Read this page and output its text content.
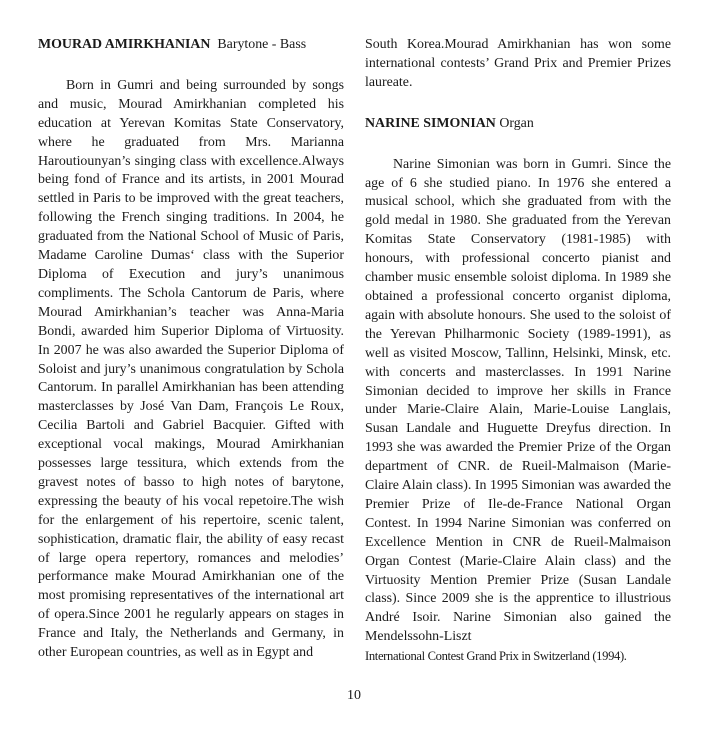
MOURAD AMIRKHANIAN Barytone - Bass

Born in Gumri and being surrounded by songs and music, Mourad Amirkhanian completed his education at Yerevan Komitas State Conservatory, where he graduated from Mrs. Marianna Haroutiounyan’s singing class with excellence.Always being fond of France and its artists, in 2001 Mourad settled in Paris to be improved with the great teachers, following the French singing traditions. In 2004, he graduated from the National School of Music of Paris, Madame Caroline Dumas‘ class with the Superior Diploma of Execution and jury’s unanimous compliments. The Schola Cantorum de Paris, where Mourad Amirkhanian’s teacher was Anna-Maria Bondi, awarded him Superior Diploma of Virtuosity. In 2007 he was also awarded the Superior Diploma of Soloist and jury’s unanimous congratulation by Schola Cantorum. In parallel Amirkhanian has been attending masterclasses by José Van Dam, François Le Roux, Cecilia Bartoli and Gabriel Bacquier. Gifted with exceptional vocal makings, Mourad Amirkhanian possesses large tessitura, which extends from the gravest notes of basso to high notes of barytone, expressing the beauty of his vocal repetoire.The wish for the enlargement of his repertoire, scenic talent, sophistication, dramatic flair, the ability of easy recast of large opera repertory, romances and melodies’ performance make Mourad Amirkhanian one of the most promising representatives of the international art of opera.Since 2001 he regularly appears on stages in France and Italy, the Netherlands and Germany, in other European countries, as well as in Egypt and

South Korea.Mourad Amirkhanian has won some international contests’ Grand Prix and Premier Prizes laureate.

NARINE SIMONIAN Organ

Narine Simonian was born in Gumri. Since the age of 6 she studied piano. In 1976 she entered a musical school, which she graduated from with the gold medal in 1980. She graduated from the Yerevan Komitas State Conservatory (1981-1985) with honours, with professional concerto pianist and chamber music ensemble soloist diploma. In 1989 she obtained a professional concerto organist diploma, again with absolute honours. She used to the soloist of the Yerevan Philharmonic Society (1989-1991), as well as visited Moscow, Tallinn, Helsinki, Minsk, etc. with concerts and masterclasses. In 1991 Narine Simonian decided to improve her skills in France under Marie-Claire Alain, Marie-Louise Langlais, Susan Landale and Huguette Dreyfus direction. In 1993 she was awarded the Premier Prize of the Organ department of CNR. de Rueil-Malmaison (Marie-Claire Alain class). In 1995 Simonian was awarded the Premier Prize of Ile-de-France National Organ Contest. In 1994 Narine Simonian was conferred on Excellence Mention in CNR de Rueil-Malmaison Organ Contest (Marie-Claire Alain class) and the Virtuosity Mention Premier Prize (Susan Landale class). Since 2009 she is the apprentice to illustrious André Isoir. Narine Simonian also gained the Mendelssohn-Liszt

International Contest Grand Prix in Switzerland (1994).

10
